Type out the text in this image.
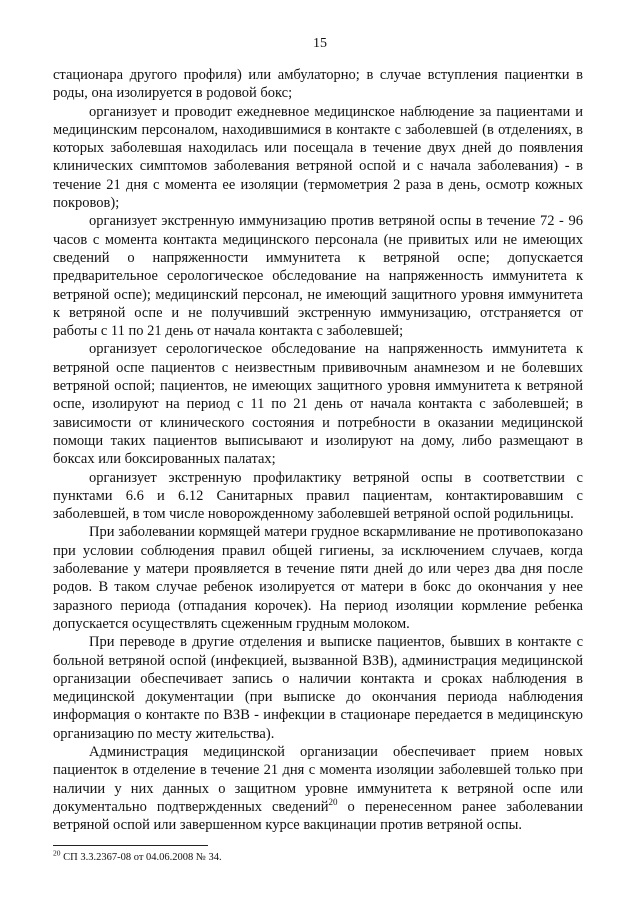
15

стационара другого профиля) или амбулаторно; в случае вступления пациентки в роды, она изолируется в родовой бокс;

организует и проводит ежедневное медицинское наблюдение за пациентами и медицинским персоналом, находившимися в контакте с заболевшей (в отделениях, в которых заболевшая находилась или посещала в течение двух дней до появления клинических симптомов заболевания ветряной оспой и с начала заболевания) - в течение 21 дня с момента ее изоляции (термометрия 2 раза в день, осмотр кожных покровов);

организует экстренную иммунизацию против ветряной оспы в течение 72 - 96 часов с момента контакта медицинского персонала (не привитых или не имеющих сведений о напряженности иммунитета к ветряной оспе; допускается предварительное серологическое обследование на напряженность иммунитета к ветряной оспе); медицинский персонал, не имеющий защитного уровня иммунитета к ветряной оспе и не получивший экстренную иммунизацию, отстраняется от работы с 11 по 21 день от начала контакта с заболевшей;

организует серологическое обследование на напряженность иммунитета к ветряной оспе пациентов с неизвестным прививочным анамнезом и не болевших ветряной оспой; пациентов, не имеющих защитного уровня иммунитета к ветряной оспе, изолируют на период с 11 по 21 день от начала контакта с заболевшей; в зависимости от клинического состояния и потребности в оказании медицинской помощи таких пациентов выписывают и изолируют на дому, либо размещают в боксах или боксированных палатах;

организует экстренную профилактику ветряной оспы в соответствии с пунктами 6.6 и 6.12 Санитарных правил пациентам, контактировавшим с заболевшей, в том числе новорожденному заболевшей ветряной оспой родильницы.

При заболевании кормящей матери грудное вскармливание не противопоказано при условии соблюдения правил общей гигиены, за исключением случаев, когда заболевание у матери проявляется в течение пяти дней до или через два дня после родов. В таком случае ребенок изолируется от матери в бокс до окончания у нее заразного периода (отпадания корочек). На период изоляции кормление ребенка допускается осуществлять сцеженным грудным молоком.

При переводе в другие отделения и выписке пациентов, бывших в контакте с больной ветряной оспой (инфекцией, вызванной ВЗВ), администрация медицинской организации обеспечивает запись о наличии контакта и сроках наблюдения в медицинской документации (при выписке до окончания периода наблюдения информация о контакте по ВЗВ - инфекции в стационаре передается в медицинскую организацию по месту жительства).

Администрация медицинской организации обеспечивает прием новых пациенток в отделение в течение 21 дня с момента изоляции заболевшей только при наличии у них данных о защитном уровне иммунитета к ветряной оспе или документально подтвержденных сведений$^{20}$ о перенесенном ранее заболевании ветряной оспой или завершенном курсе вакцинации против ветряной оспы.

$^{20}$ СП 3.3.2367-08 от 04.06.2008 № 34.
